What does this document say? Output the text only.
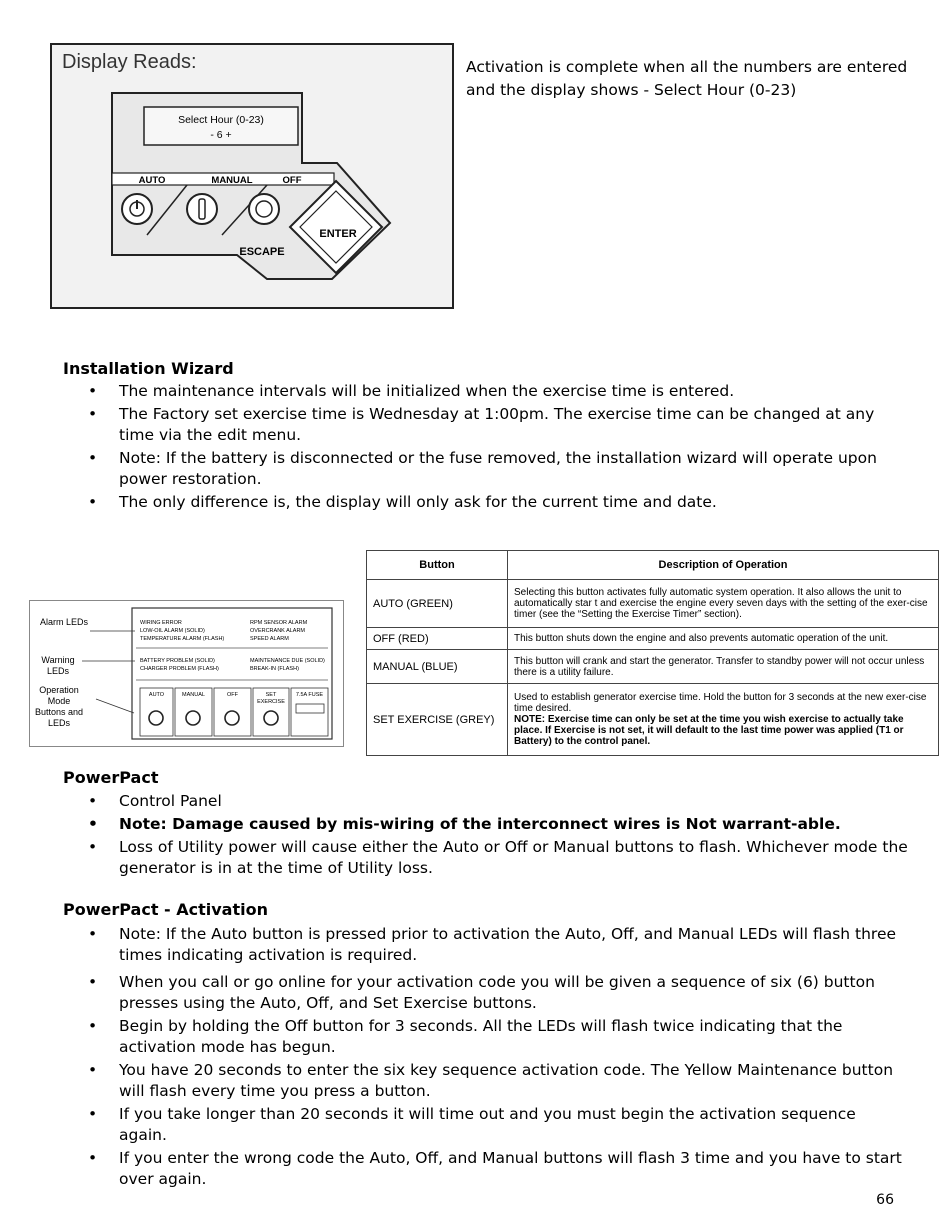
Select Hour (0-23)
- 6 +
AUTO	MANUAL	OFF
ENTER
ESCAPE
Display Reads:	Activation is complete when all the numbers are entered and the display shows - Select Hour (0-23)
Installation Wizard
• The maintenance intervals will be initialized when the exercise time is entered.
• The Factory set exercise time is Wednesday at 1:00pm. The exercise time can be changed at any time via the edit menu.
• Note: If the battery is disconnected or the fuse removed, the installation wizard will operate upon power restoration.
• The only difference is, the display will only ask for the current time and date.
Alarm LEDs
Warning LEDs
Operation Mode Buttons and LEDs
WIRING ERROR
LOW-OIL ALARM (SOLID)
TEMPERATURE ALARM (FLASH)
RPM SENSOR ALARM
OVERCRANK ALARM
SPEED ALARM
BATTERY PROBLEM (SOLID)
CHARGER PROBLEM (FLASH)
MAINTENANCE DUE (SOLID)
BREAK-IN (FLASH)
AUTO	MANUAL	OFF	SET
EXERCISE
7.5A FUSE
Button	Description of Operation
AUTO (GREEN)	Selecting this button activates fully automatic system operation. It also allows the unit to automatically star t and exercise the engine every seven days with the setting of the exer-cise timer (see the “Setting the Exercise Timer” section).
OFF (RED)	This button shuts down the engine and also prevents automatic operation of the unit.
MANUAL (BLUE)	This button will crank and start the generator. Transfer to standby power will not occur unless there is a utility failure.
SET EXERCISE (GREY)	Used to establish generator exercise time. Hold the button for 3 seconds at the new exer-cise time desired.
NOTE: Exercise time can only be set at the time you wish exercise to actually take place. If Exercise is not set, it will default to the last time power was applied (T1 or Battery) to the control panel.
PowerPact
• Control Panel
• Note: Damage caused by mis-wiring of the interconnect wires is Not warrant-able.
• Loss of Utility power will cause either the Auto or Off or Manual buttons to flash. Whichever mode the generator is in at the time of Utility loss.
PowerPact - Activation
• Note: If the Auto button is pressed prior to activation the Auto, Off, and Manual LEDs will flash three times indicating activation is required.
• When you call or go online for your activation code you will be given a sequence of six (6) button presses using the Auto, Off, and Set Exercise buttons.
• Begin by holding the Off button for 3 seconds. All the LEDs will flash twice indicating that the activation mode has begun.
• You have 20 seconds to enter the six key sequence activation code. The Yellow Maintenance button will flash every time you press a button.
• If you take longer than 20 seconds it will time out and you must begin the activation sequence again.
• If you enter the wrong code the Auto, Off, and Manual buttons will flash 3 time and you have to start over again.
66
